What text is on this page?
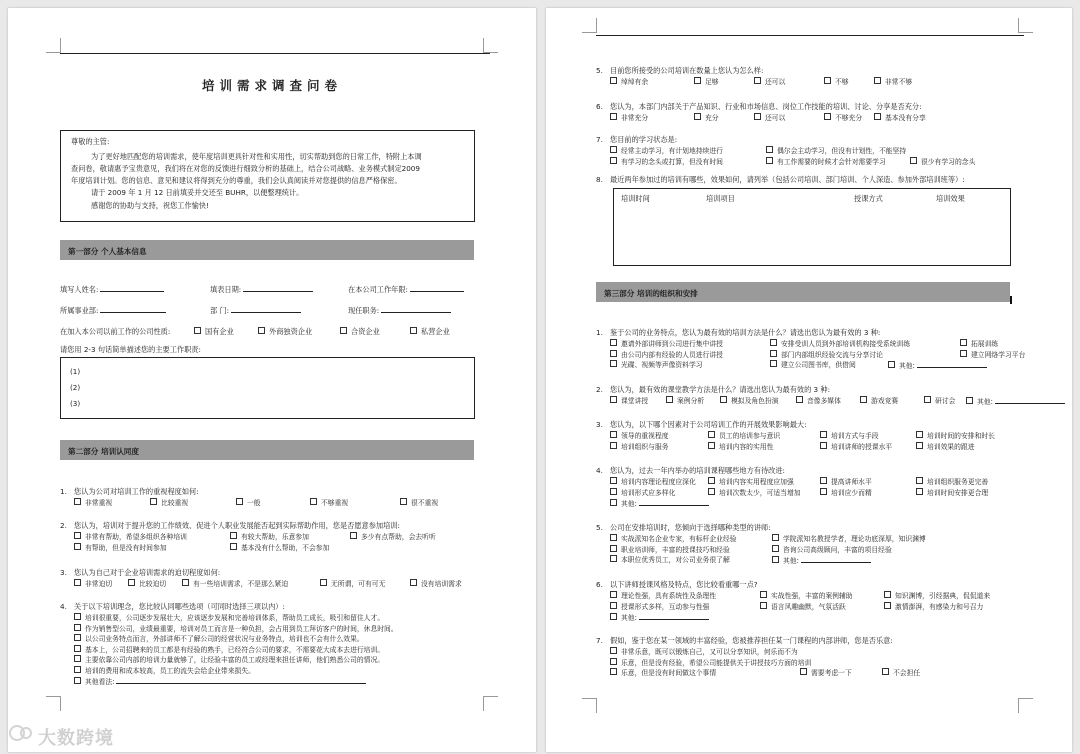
培训需求调查问卷
尊敬的主管:
为了更好地匹配您的培训需求，使年度培训更具针对性和实用性，切实帮助到您的日常工作，特附上本调
查问卷，敬请惠予宝贵意见，我们将在对您的反馈进行细致分析的基础上，结合公司战略、业务模式制定2009
年度培训计划。您的信息、意见和建议将得到充分的尊重，我们会认真阅读并对您提供的信息严格保密。
请于 2009 年 1 月 12 日前填妥并交还至 BUHR，以便整理统计。
感谢您的协助与支持，祝您工作愉快!
第一部分 个人基本信息
填写人姓名:	填表日期:	在本公司工作年限:
所属事业部:	部 门:	现任职务:
在加入本公司以前工作的公司性质:	国有企业	外商独资企业	合资企业	私营企业
请您用 2-3 句话简单描述您的主要工作职责:
(1)
(2)
(3)
第二部分 培训认同度
1. 您认为公司对培训工作的重视程度如何:
非常重视	比较重视	一般	不够重视	很不重视
2. 您认为，培训对于提升您的工作绩效、促进个人职业发展能否起到实际帮助作用，您是否愿意参加培训:
非常有帮助，希望多组织各种培训	有较大帮助，乐意参加	多少有点帮助，会去听听
有帮助，但是没有时间参加	基本没有什么帮助，不会参加
3. 您认为自己对于企业培训需求的迫切程度如何:
非常迫切	比较迫切	有一些培训需求，不是那么紧迫	无所谓，可有可无	没有培训需求
4. 关于以下培训理念，您比较认同哪些选项（可同时选择三项以内）:
培训很重要，公司逐步发展壮大，应该逐步发展和完善培训体系，帮助员工成长，吸引和留住人才。
作为销售型公司，业绩最重要，培训对员工而言是一种负担，会占用到员工拜访客户的时间，休息时间。
以公司业务特点而言，外部讲师不了解公司的经营状况与业务特点，培训也不会有什么效果。
基本上，公司招聘来的员工都是有经验的熟手，已经符合公司的要求，不需要花大成本去进行培训。
主要依靠公司内部的培训力量就够了，让经验丰富的员工或经理来担任讲师，他们熟悉公司的情况。
培训的费用和成本较高，员工的流失会给企业带来损失。
其他看法:
5. 目前您所接受的公司培训在数量上您认为怎么样:
绰绰有余	足够	还可以	不够	非常不够
6. 您认为，本部门内部关于产品知识、行业和市场信息、岗位工作技能的培训、讨论、分享是否充分:
非常充分	充分	还可以	不够充分	基本没有分享
7. 您目前的学习状态是:
经常主动学习，有计划地持续进行	偶尔会主动学习，但没有计划性，不能坚持
有学习的念头或打算，但没有时间	有工作需要的时候才会针对需要学习	很少有学习的念头
8. 最近两年参加过的培训有哪些，效果如何，请列举（包括公司培训、部门培训、个人深造、参加外部培训班等）:
培训时间	培训项目	授课方式	培训效果
第三部分 培训的组织和安排
1. 鉴于公司的业务特点，您认为最有效的培训方法是什么？请选出您认为最有效的 3 种:
邀请外部讲师到公司进行集中讲授	安排受训人员到外部培训机构接受系统训练	拓展训练
由公司内部有经验的人员进行讲授	部门内部组织经验交流与分享讨论	建立网络学习平台
光碟、视频等声像资料学习	建立公司图书库，供借阅	其他:
2. 您认为，最有效的课堂教学方法是什么？请选出您认为最有效的 3 种:
课堂讲授	案例分析	模拟及角色扮演	音像多媒体	游戏竞赛	研讨会	其他:
3. 您认为，以下哪个因素对于公司培训工作的开展效果影响最大:
领导的重视程度	员工的培训参与意识	培训方式与手段	培训时间的安排和时长
培训组织与服务	培训内容的实用性	培训讲师的授课水平	培训效果的跟进
4. 您认为，过去一年内举办的培训课程哪些地方有待改进:
培训内容理论程度应深化	培训内容实用程度应加强	提高讲师水平	培训组织服务更完善
培训形式应多样化	培训次数太少，可适当增加	培训应少而精	培训时间安排更合理
其他:
5. 公司在安排培训时，您倾向于选择哪种类型的讲师:
实战派知名企业专家，有标杆企业经验	学院派知名教授学者，理论功底深厚，知识渊博
职业培训师，丰富的授课技巧和经验	咨询公司高级顾问，丰富的项目经验
本职位优秀员工，对公司业务很了解	其他:
6. 以下讲师授课风格及特点，您比较看重哪一点?
理论性强，具有系统性及条理性	实战性强，丰富的案例辅助	知识渊博，引经据典，侃侃道来
授课形式多样，互动参与性强	语言风趣幽默，气氛活跃	激情澎湃，有感染力和号召力
其他:
7. 假如，鉴于您在某一领域的丰富经验，您被推荐担任某一门课程的内部讲师，您是否乐意:
非常乐意，既可以锻炼自己，又可以分享知识，何乐而不为
乐意，但是没有经验，希望公司能提供关于讲授技巧方面的培训
乐意，但是没有时间做这个事情	需要考虑一下	不会担任
大数跨境
